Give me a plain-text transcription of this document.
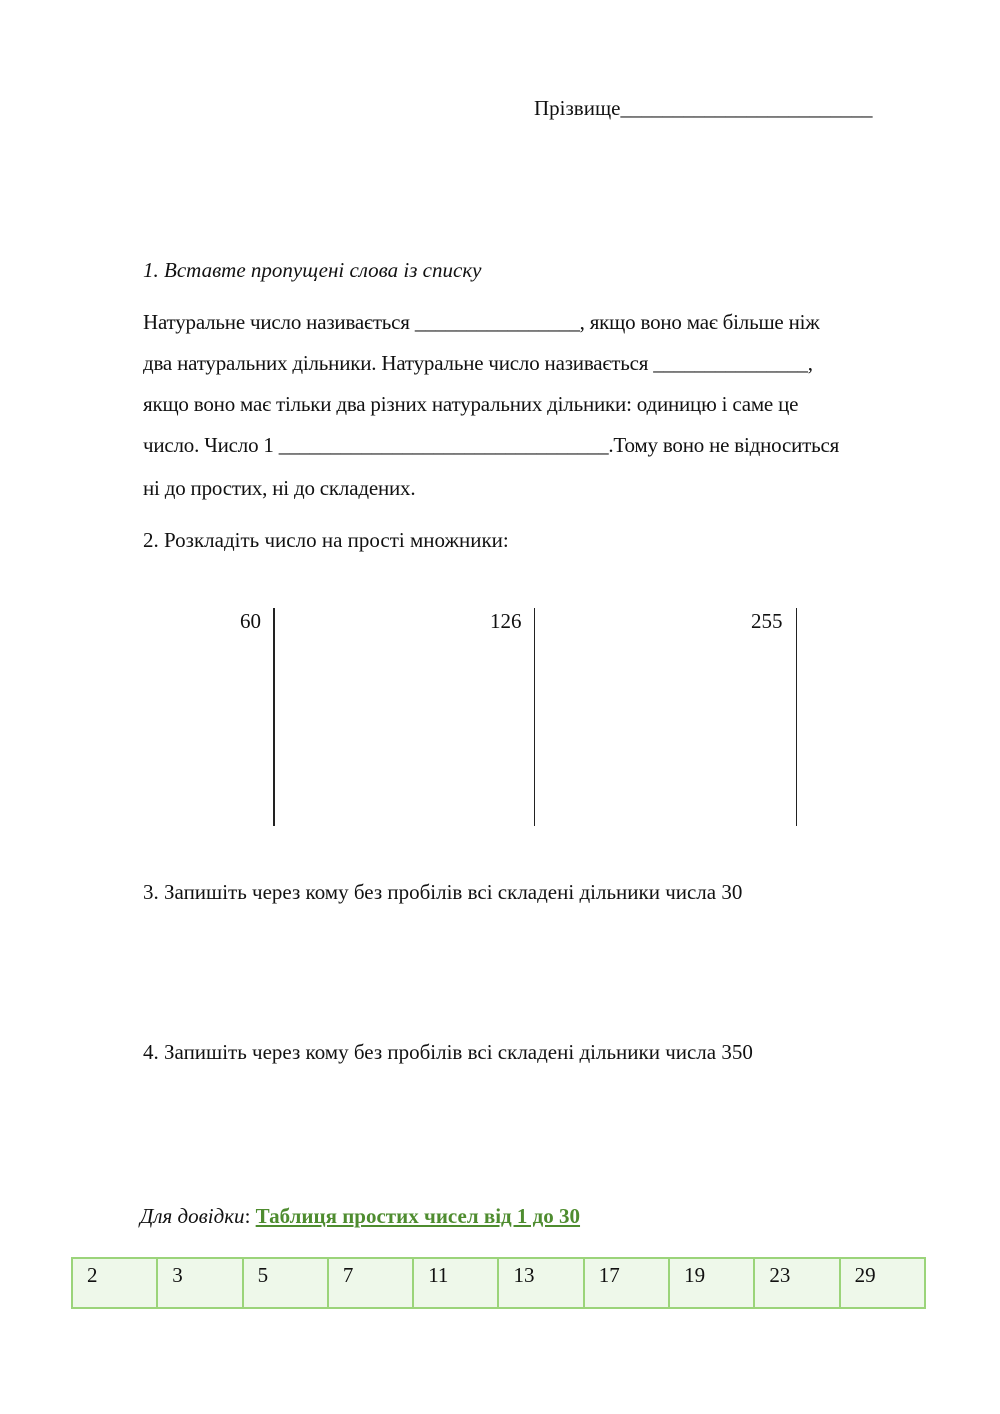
Прізвище________________________
1. Вставте пропущені слова із списку
Натуральне число називається ________________, якщо воно має більше ніж
два натуральних дільники. Натуральне число називається _______________,
якщо воно має тільки два різних натуральних дільники: одиницю і саме це
число. Число 1 ________________________________.Тому воно не відноситься
ні до простих, ні до складених.
2. Розкладіть число на прості множники:
60	126	255
3. Запишіть через кому без пробілів всі складені дільники числа 30
4. Запишіть через кому без пробілів всі складені дільники числа 350
Для довідки: Таблиця простих чисел від 1 до 30
2	3	5	7	11	13	17	19	23	29
